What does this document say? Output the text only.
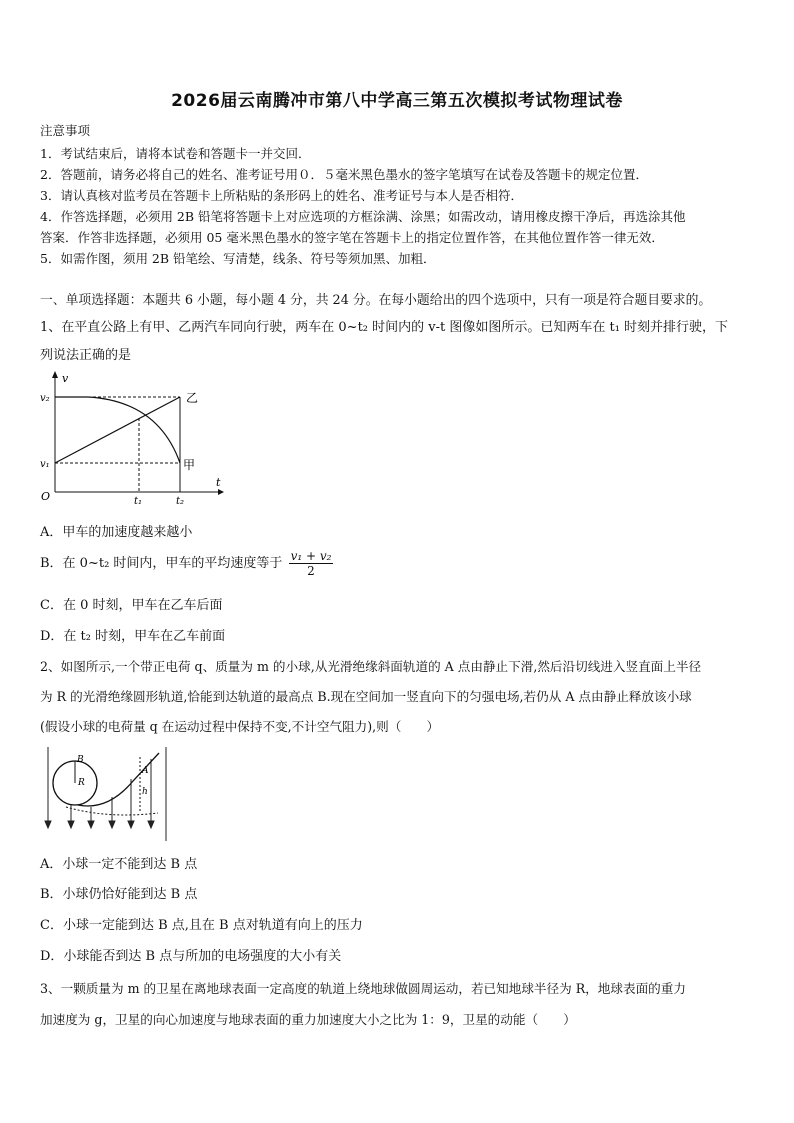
2026届云南腾冲市第八中学高三第五次模拟考试物理试卷
注意事项
1．考试结束后，请将本试卷和答题卡一并交回．
2．答题前，请务必将自己的姓名、准考证号用０．５毫米黑色墨水的签字笔填写在试卷及答题卡的规定位置．
3．请认真核对监考员在答题卡上所粘贴的条形码上的姓名、准考证号与本人是否相符．
4．作答选择题，必须用 2B 铅笔将答题卡上对应选项的方框涂满、涂黑；如需改动，请用橡皮擦干净后，再选涂其他
答案．作答非选择题，必须用 05 毫米黑色墨水的签字笔在答题卡上的指定位置作答，在其他位置作答一律无效．
5．如需作图，须用 2B 铅笔绘、写清楚，线条、符号等须加黑、加粗．
一、单项选择题：本题共 6 小题，每小题 4 分，共 24 分。在每小题给出的四个选项中，只有一项是符合题目要求的。
1、在平直公路上有甲、乙两汽车同向行驶，两车在 0~t₂ 时间内的 v-t 图像如图所示。已知两车在 t₁ 时刻并排行驶，下
列说法正确的是
v
t
O
v₂
v₁
t₁	t₂
乙
甲
A．甲车的加速度越来越小
B．在 0~t₂ 时间内，甲车的平均速度等于 $\frac{\text{v₁ + v₂}}{2}$
C．在 0 时刻，甲车在乙车后面
D．在 t₂ 时刻，甲车在乙车前面
2、如图所示,一个带正电荷 q、质量为 m 的小球,从光滑绝缘斜面轨道的 A 点由静止下滑,然后沿切线进入竖直面上半径
为 R 的光滑绝缘圆形轨道,恰能到达轨道的最高点 B.现在空间加一竖直向下的匀强电场,若仍从 A 点由静止释放该小球
(假设小球的电荷量 q 在运动过程中保持不变,不计空气阻力),则（　　）
B
R
A
h
A．小球一定不能到达 B 点
B．小球仍恰好能到达 B 点
C．小球一定能到达 B 点,且在 B 点对轨道有向上的压力
D．小球能否到达 B 点与所加的电场强度的大小有关
3、一颗质量为 m 的卫星在离地球表面一定高度的轨道上绕地球做圆周运动，若已知地球半径为 R，地球表面的重力
加速度为 g，卫星的向心加速度与地球表面的重力加速度大小之比为 1：9，卫星的动能（　　）
